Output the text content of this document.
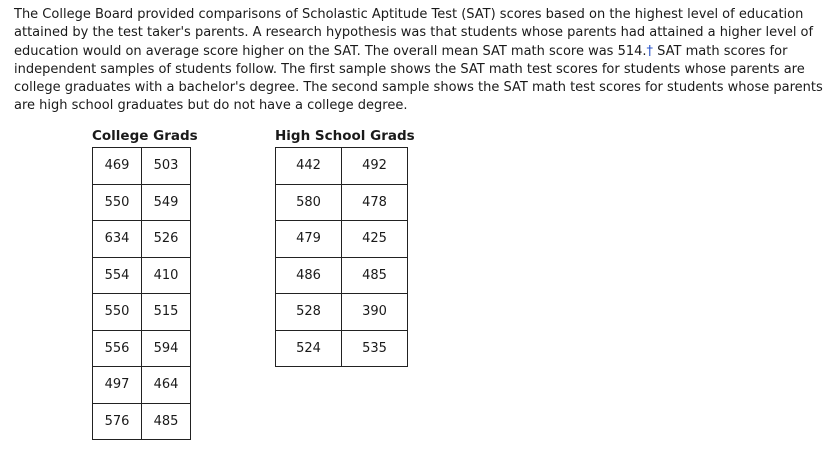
The College Board provided comparisons of Scholastic Aptitude Test (SAT) scores based on the highest level of education attained by the test taker's parents. A research hypothesis was that students whose parents had attained a higher level of education would on average score higher on the SAT. The overall mean SAT math score was 514.† SAT math scores for independent samples of students follow. The first sample shows the SAT math test scores for students whose parents are college graduates with a bachelor's degree. The second sample shows the SAT math test scores for students whose parents are high school graduates but do not have a college degree.

College Grads
469	503
550	549
634	526
554	410
550	515
556	594
497	464
576	485
High School Grads
442	492
580	478
479	425
486	485
528	390
524	535
